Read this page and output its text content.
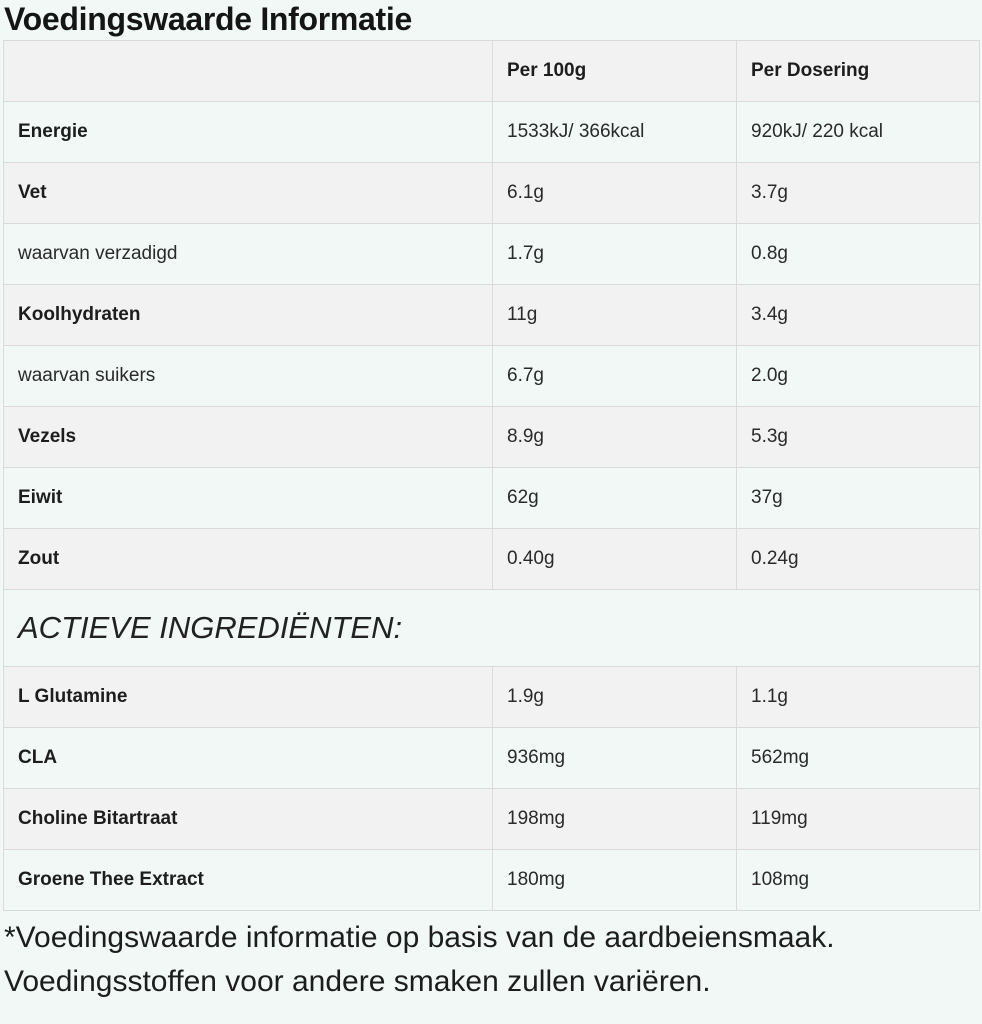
Voedingswaarde Informatie
	Per 100g	Per Dosering
Energie	1533kJ/ 366kcal	920kJ/ 220 kcal
Vet	6.1g	3.7g
waarvan verzadigd	1.7g	0.8g
Koolhydraten	11g	3.4g
waarvan suikers	6.7g	2.0g
Vezels	8.9g	5.3g
Eiwit	62g	37g
Zout	0.40g	0.24g
ACTIEVE INGREDIËNTEN:		
L Glutamine	1.9g	1.1g
CLA	936mg	562mg
Choline Bitartraat	198mg	119mg
Groene Thee Extract	180mg	108mg

*Voedingswaarde informatie op basis van de aardbeiensmaak. Voedingsstoffen voor andere smaken zullen variëren.
